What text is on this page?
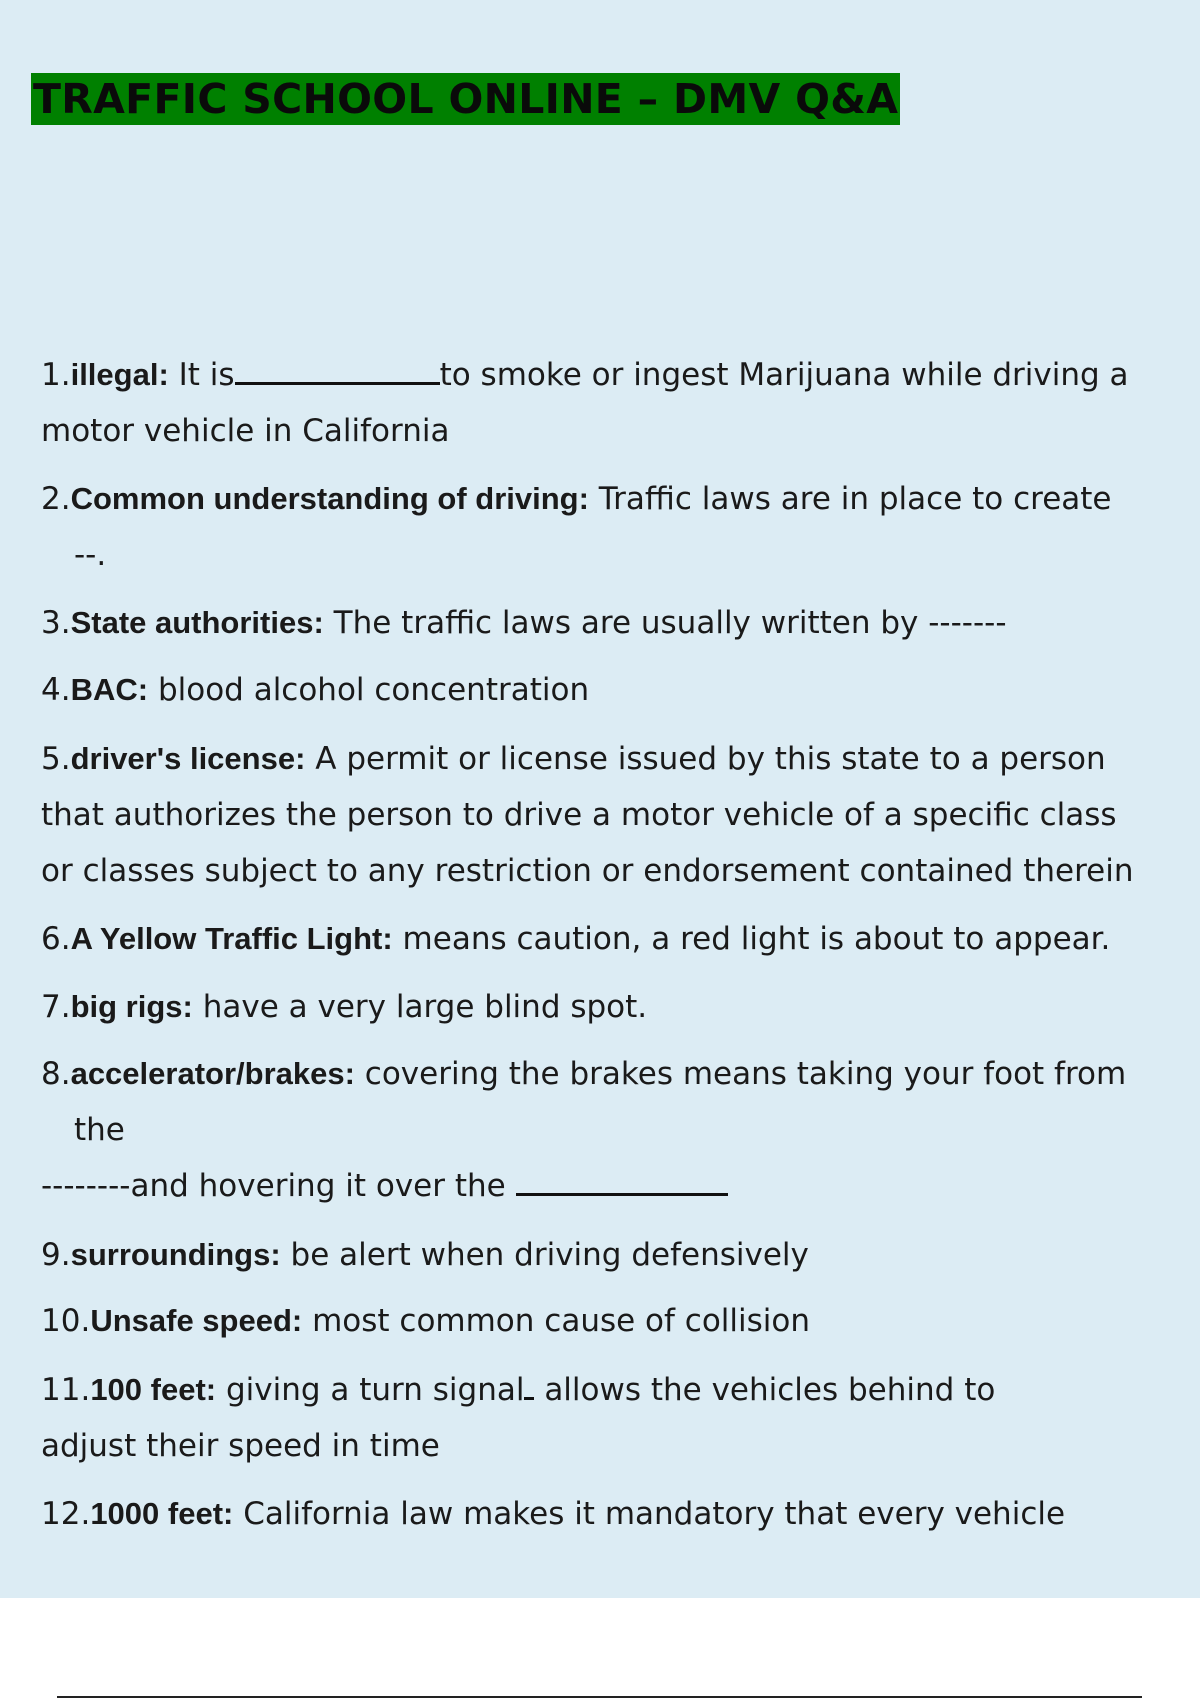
TRAFFIC SCHOOL ONLINE – DMV Q&A
1.illegal: It is	to smoke or ingest Marijuana while driving a
motor vehicle in California
2.Common understanding of driving: Traffic laws are in place to create
--.
3.State authorities: The traffic laws are usually written by -------
4.BAC: blood alcohol concentration
5.driver's license: A permit or license issued by this state to a person
that authorizes the person to drive a motor vehicle of a specific class
or classes subject to any restriction or endorsement contained therein
6.A Yellow Traffic Light: means caution, a red light is about to appear.
7.big rigs: have a very large blind spot.
8.accelerator/brakes: covering the brakes means taking your foot from
the
--------and hovering it over the
9.surroundings: be alert when driving defensively
10.Unsafe speed: most common cause of collision
11.100 feet: giving a turn signal allows the vehicles behind to
adjust their speed in time
12.1000 feet: California law makes it mandatory that every vehicle
